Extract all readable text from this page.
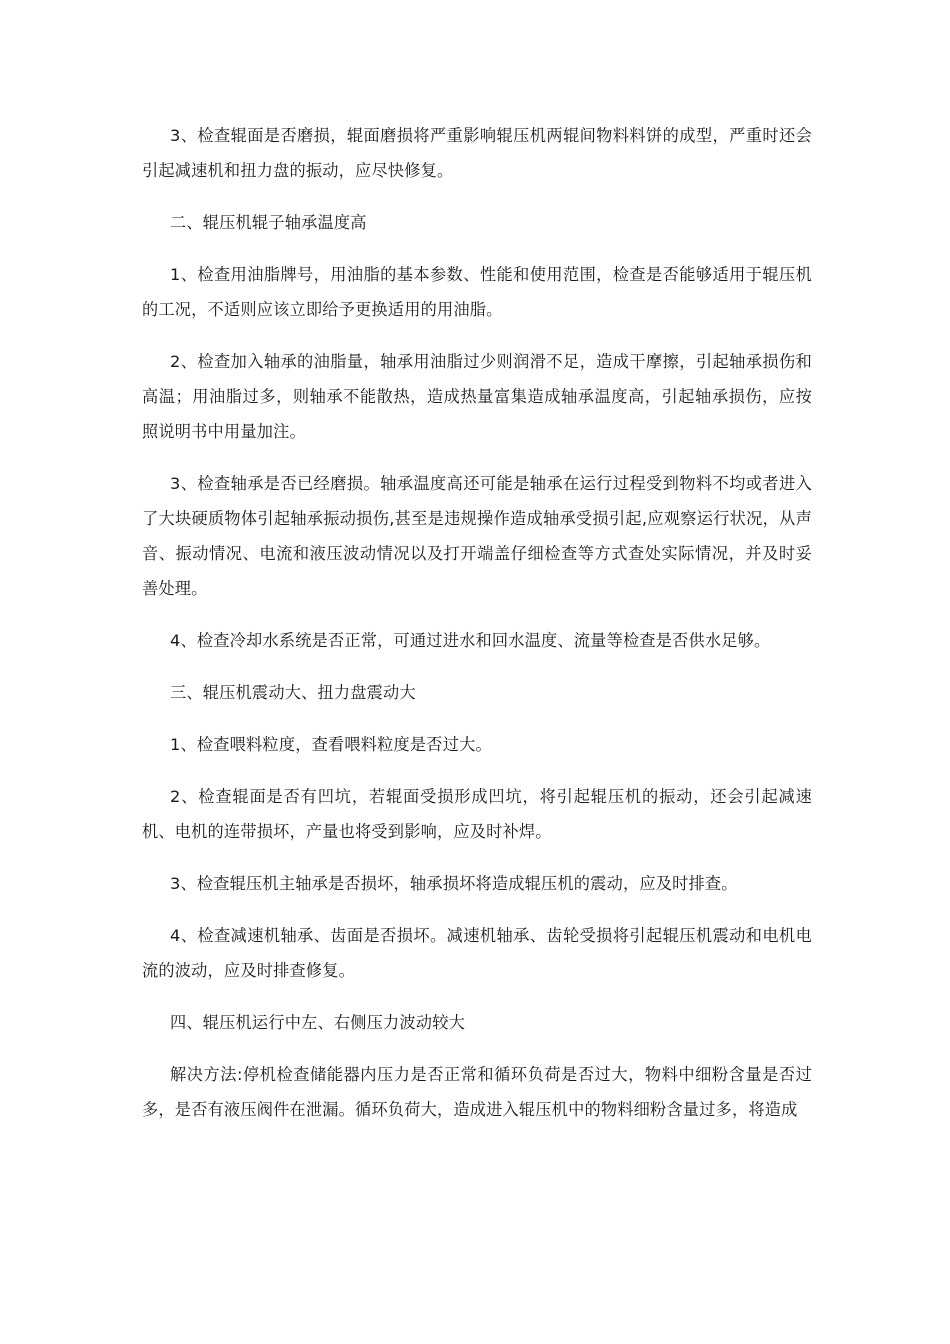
3、检查辊面是否磨损，辊面磨损将严重影响辊压机两辊间物料料饼的成型，严重时还会引起减速机和扭力盘的振动，应尽快修复。

二、辊压机辊子轴承温度高

1、检查用油脂牌号，用油脂的基本参数、性能和使用范围，检查是否能够适用于辊压机的工况，不适则应该立即给予更换适用的用油脂。

2、检查加入轴承的油脂量，轴承用油脂过少则润滑不足，造成干摩擦，引起轴承损伤和高温；用油脂过多，则轴承不能散热，造成热量富集造成轴承温度高，引起轴承损伤，应按照说明书中用量加注。

3、检查轴承是否已经磨损。轴承温度高还可能是轴承在运行过程受到物料不均或者进入了大块硬质物体引起轴承振动损伤,甚至是违规操作造成轴承受损引起,应观察运行状况，从声音、振动情况、电流和液压波动情况以及打开端盖仔细检查等方式查处实际情况，并及时妥善处理。

4、检查冷却水系统是否正常，可通过进水和回水温度、流量等检查是否供水足够。

三、辊压机震动大、扭力盘震动大

1、检查喂料粒度，查看喂料粒度是否过大。

2、检查辊面是否有凹坑，若辊面受损形成凹坑，将引起辊压机的振动，还会引起减速机、电机的连带损坏，产量也将受到影响，应及时补焊。

3、检查辊压机主轴承是否损坏，轴承损坏将造成辊压机的震动，应及时排查。

4、检查减速机轴承、齿面是否损坏。减速机轴承、齿轮受损将引起辊压机震动和电机电流的波动，应及时排查修复。

四、辊压机运行中左、右侧压力波动较大

解决方法:停机检查储能器内压力是否正常和循环负荷是否过大，物料中细粉含量是否过多，是否有液压阀件在泄漏。循环负荷大，造成进入辊压机中的物料细粉含量过多，将造成
